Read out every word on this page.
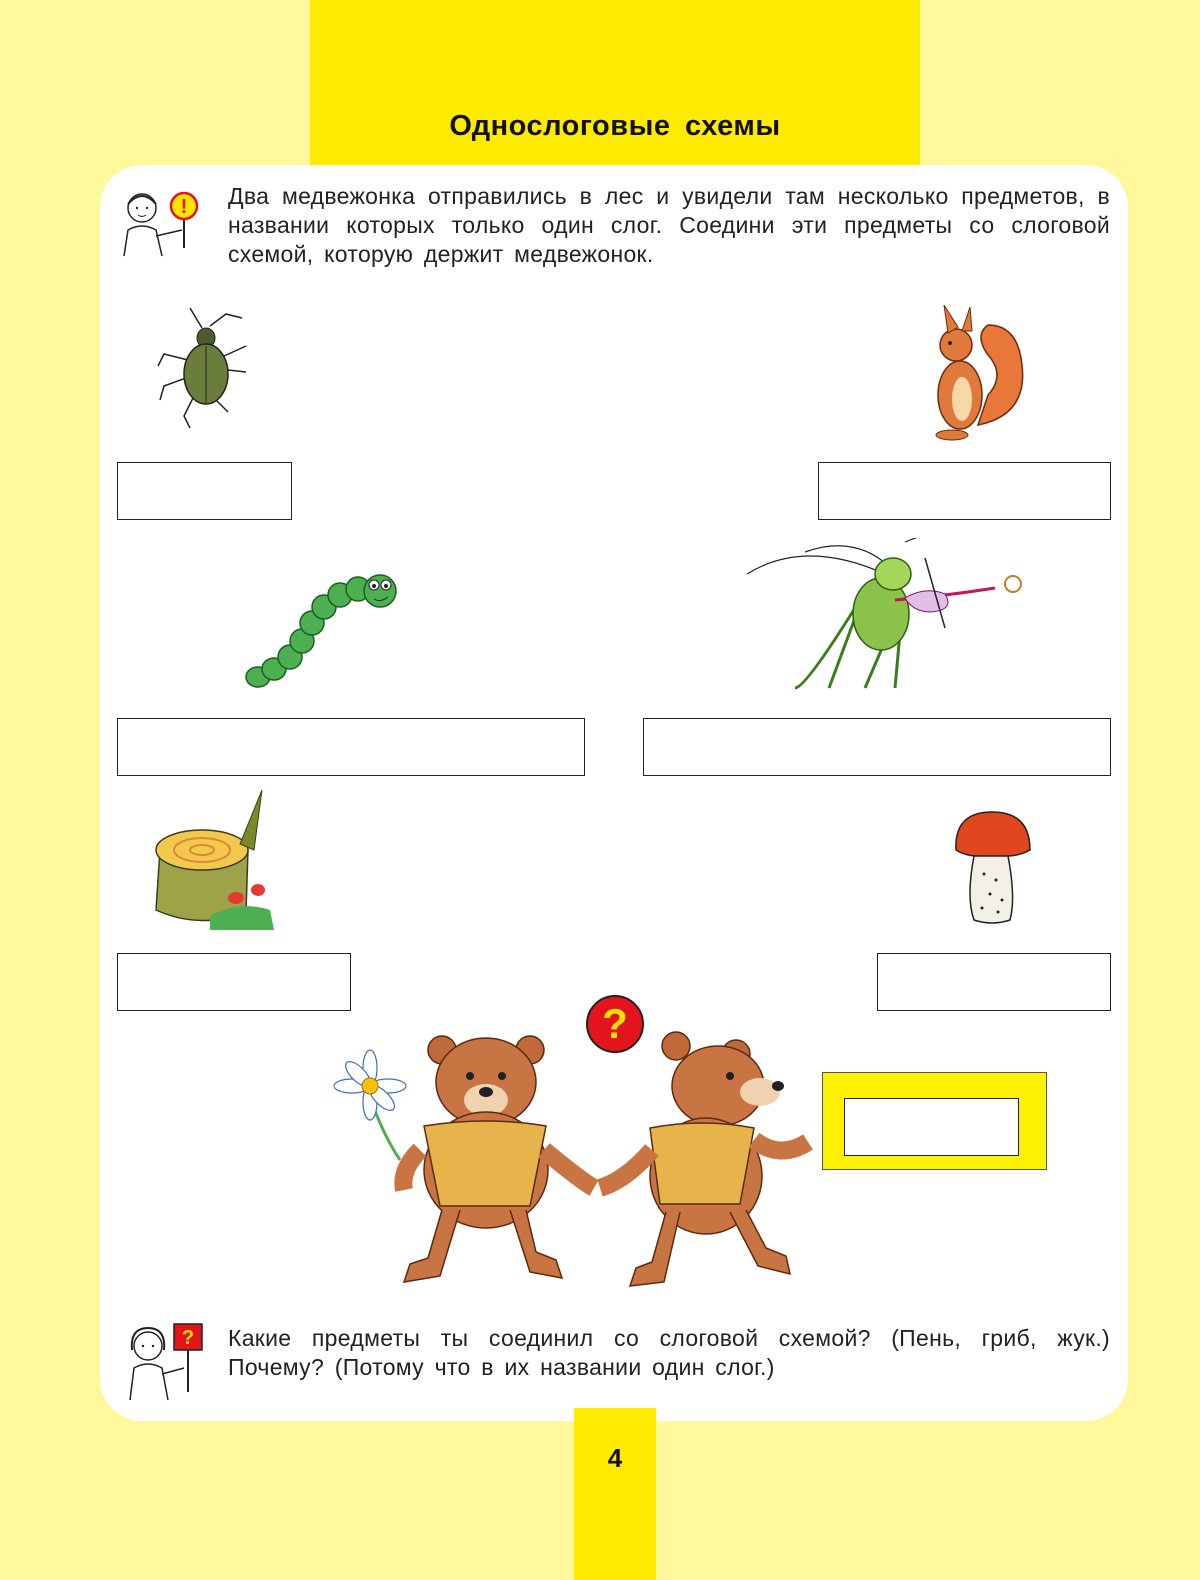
Однослоговые схемы
! Два медвежонка отправились в лес и увидели там несколько предметов, в названии которых только один слог. Соедини эти предметы со слоговой схемой, которую держит медвежонок.
?
? Какие предметы ты соединил со слоговой схемой? (Пень, гриб, жук.) Почему? (Потому что в их названии один слог.)
4
